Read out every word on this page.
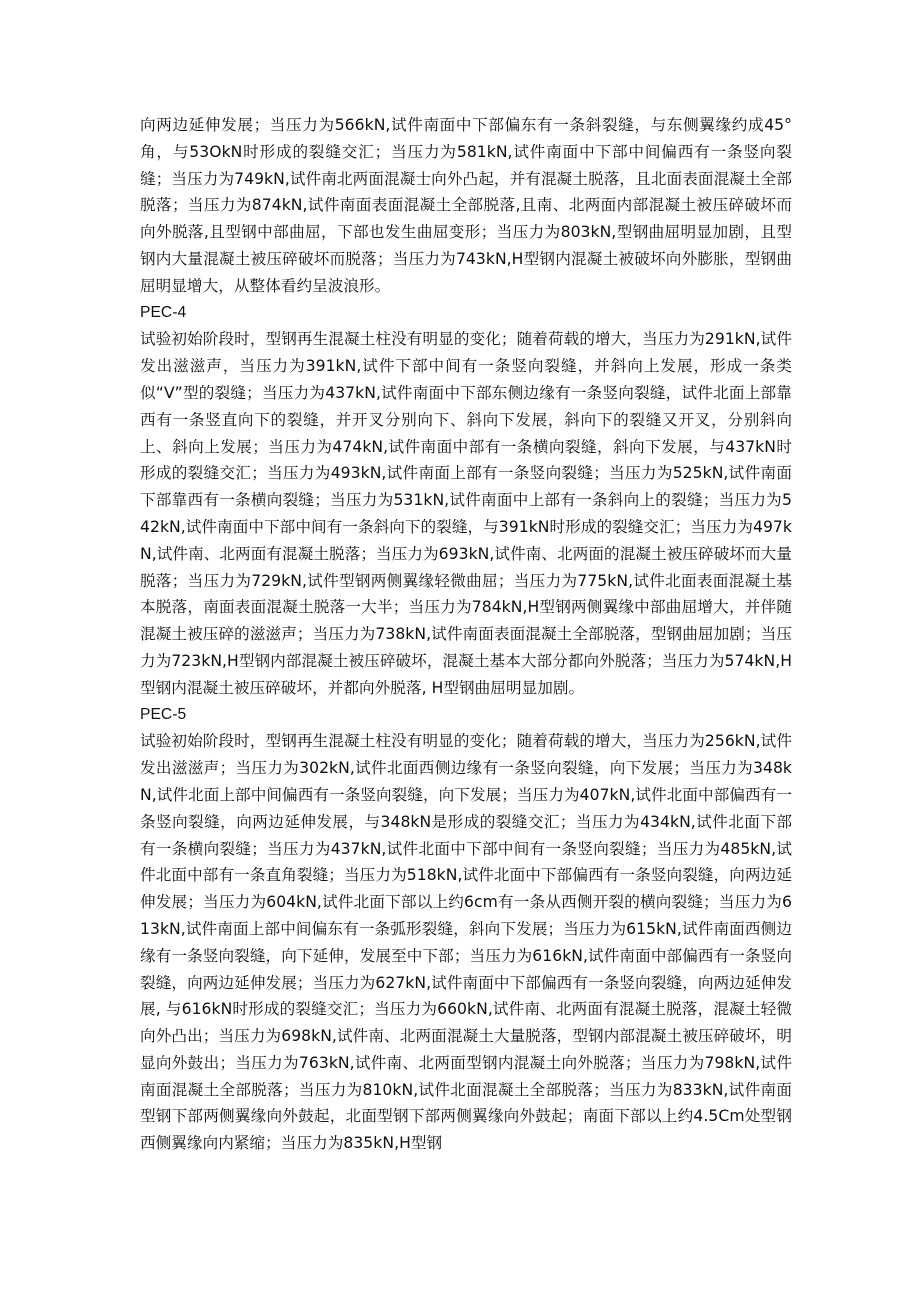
向两边延伸发展；当压力为566kN,试件南面中下部偏东有一条斜裂缝，与东侧翼缘约成45°角，与53OkN时形成的裂缝交汇；当压力为581kN,试件南面中下部中间偏西有一条竖向裂缝；当压力为749kN,试件南北两面混凝士向外凸起，并有混凝土脱落，且北面表面混凝土全部脱落；当压力为874kN,试件南面表面混凝土全部脱落,且南、北两面内部混凝土被压碎破坏而向外脱落,且型钢中部曲屈，下部也发生曲屈变形；当压力为803kN,型钢曲屈明显加剧，且型钢内大量混凝土被压碎破坏而脱落；当压力为743kN,H型钢内混凝土被破坏向外膨胀，型钢曲屈明显增大，从整体看约呈波浪形。

PEC-4

试验初始阶段时，型钢再生混凝土柱没有明显的变化；随着荷载的增大，当压力为291kN,试件发出滋滋声，当压力为391kN,试件下部中间有一条竖向裂缝，并斜向上发展，形成一条类似“V”型的裂缝；当压力为437kN,试件南面中下部东侧边缘有一条竖向裂缝，试件北面上部靠西有一条竖直向下的裂缝，并开叉分别向下、斜向下发展，斜向下的裂缝又开叉，分别斜向上、斜向上发展；当压力为474kN,试件南面中部有一条横向裂缝，斜向下发展，与437kN时形成的裂缝交汇；当压力为493kN,试件南面上部有一条竖向裂缝；当压力为525kN,试件南面下部靠西有一条横向裂缝；当压力为531kN,试件南面中上部有一条斜向上的裂缝；当压力为542kN,试件南面中下部中间有一条斜向下的裂缝，与391kN时形成的裂缝交汇；当压力为497kN,试件南、北两面有混凝土脱落；当压力为693kN,试件南、北两面的混凝土被压碎破坏而大量脱落；当压力为729kN,试件型钢两侧翼缘轻微曲屈；当压力为775kN,试件北面表面混凝土基本脱落，南面表面混凝土脱落一大半；当压力为784kN,H型钢两侧翼缘中部曲屈增大，并伴随混凝土被压碎的滋滋声；当压力为738kN,试件南面表面混凝土全部脱落，型钢曲屈加剧；当压力为723kN,H型钢内部混凝土被压碎破坏，混凝土基本大部分都向外脱落；当压力为574kN,H型钢内混凝土被压碎破坏，并都向外脱落, H型钢曲屈明显加剧。

PEC-5

试验初始阶段时，型钢再生混凝土柱没有明显的变化；随着荷载的增大，当压力为256kN,试件发出滋滋声；当压力为302kN,试件北面西侧边缘有一条竖向裂缝，向下发展；当压力为348kN,试件北面上部中间偏西有一条竖向裂缝，向下发展；当压力为407kN,试件北面中部偏西有一条竖向裂缝，向两边延伸发展，与348kN是形成的裂缝交汇；当压力为434kN,试件北面下部有一条横向裂缝；当压力为437kN,试件北面中下部中间有一条竖向裂缝；当压力为485kN,试件北面中部有一条直角裂缝；当压力为518kN,试件北面中下部偏西有一条竖向裂缝，向两边延伸发展；当压力为604kN,试件北面下部以上约6cm有一条从西侧开裂的横向裂缝；当压力为613kN,试件南面上部中间偏东有一条弧形裂缝，斜向下发展；当压力为615kN,试件南面西侧边缘有一条竖向裂缝，向下延伸，发展至中下部；当压力为616kN,试件南面中部偏西有一条竖向裂缝，向两边延伸发展；当压力为627kN,试件南面中下部偏西有一条竖向裂缝，向两边延伸发展, 与616kN时形成的裂缝交汇；当压力为660kN,试件南、北两面有混凝土脱落，混凝土轻微向外凸出；当压力为698kN,试件南、北两面混凝土大量脱落，型钢内部混凝土被压碎破坏，明显向外鼓出；当压力为763kN,试件南、北两面型钢内混凝土向外脱落；当压力为798kN,试件南面混凝土全部脱落；当压力为810kN,试件北面混凝土全部脱落；当压力为833kN,试件南面型钢下部两侧翼缘向外鼓起，北面型钢下部两侧翼缘向外鼓起；南面下部以上约4.5Cm处型钢西侧翼缘向内紧缩；当压力为835kN,H型钢
